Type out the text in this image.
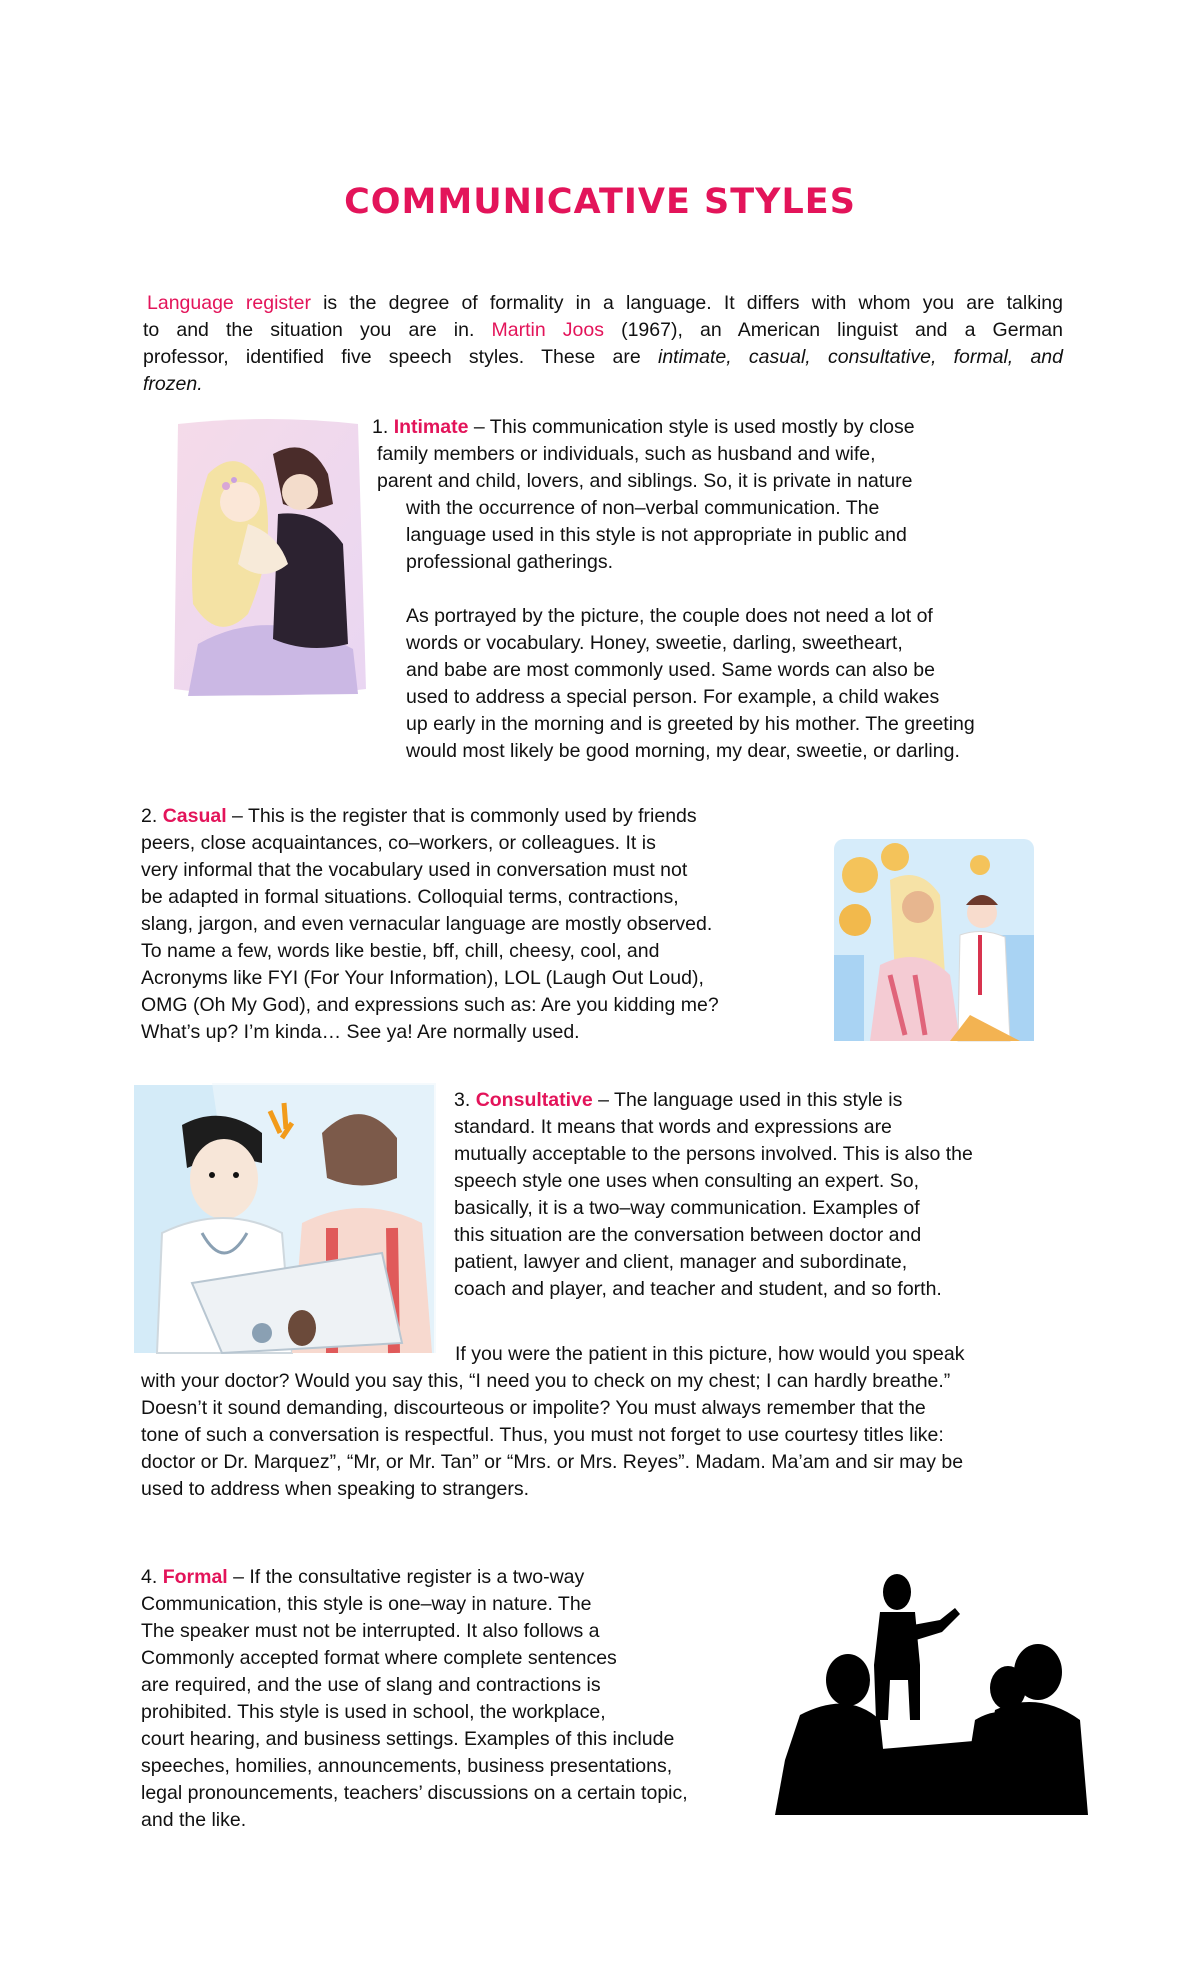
COMMUNICATIVE STYLES
Language register is the degree of formality in a language. It differs with whom you are talking
to and the situation you are in. Martin Joos (1967), an American linguist and a German
professor, identified five speech styles. These are intimate, casual, consultative, formal, and
frozen.
1. Intimate – This communication style is used mostly by close
family members or individuals, such as husband and wife,
parent and child, lovers, and siblings. So, it is private in nature
with the occurrence of non–verbal communication. The
language used in this style is not appropriate in public and
professional gatherings.
As portrayed by the picture, the couple does not need a lot of
words or vocabulary. Honey, sweetie, darling, sweetheart,
and babe are most commonly used. Same words can also be
used to address a special person. For example, a child wakes
up early in the morning and is greeted by his mother. The greeting
would most likely be good morning, my dear, sweetie, or darling.
2. Casual – This is the register that is commonly used by friends
peers, close acquaintances, co–workers, or colleagues. It is
very informal that the vocabulary used in conversation must not
be adapted in formal situations. Colloquial terms, contractions,
slang, jargon, and even vernacular language are mostly observed.
To name a few, words like bestie, bff, chill, cheesy, cool, and
Acronyms like FYI (For Your Information), LOL (Laugh Out Loud),
OMG (Oh My God), and expressions such as: Are you kidding me?
What’s up? I’m kinda… See ya! Are normally used.
3. Consultative – The language used in this style is
standard. It means that words and expressions are
mutually acceptable to the persons involved. This is also the
speech style one uses when consulting an expert. So,
basically, it is a two–way communication. Examples of
this situation are the conversation between doctor and
patient, lawyer and client, manager and subordinate,
coach and player, and teacher and student, and so forth.
If you were the patient in this picture, how would you speak
with your doctor? Would you say this, “I need you to check on my chest; I can hardly breathe.”
Doesn’t it sound demanding, discourteous or impolite? You must always remember that the
tone of such a conversation is respectful. Thus, you must not forget to use courtesy titles like:
doctor or Dr. Marquez”, “Mr, or Mr. Tan” or “Mrs. or Mrs. Reyes”. Madam. Ma’am and sir may be
used to address when speaking to strangers.
4. Formal – If the consultative register is a two-way
Communication, this style is one–way in nature. The
The speaker must not be interrupted. It also follows a
Commonly accepted format where complete sentences
are required, and the use of slang and contractions is
prohibited. This style is used in school, the workplace,
court hearing, and business settings. Examples of this include
speeches, homilies, announcements, business presentations,
legal pronouncements, teachers’ discussions on a certain topic,
and the like.
